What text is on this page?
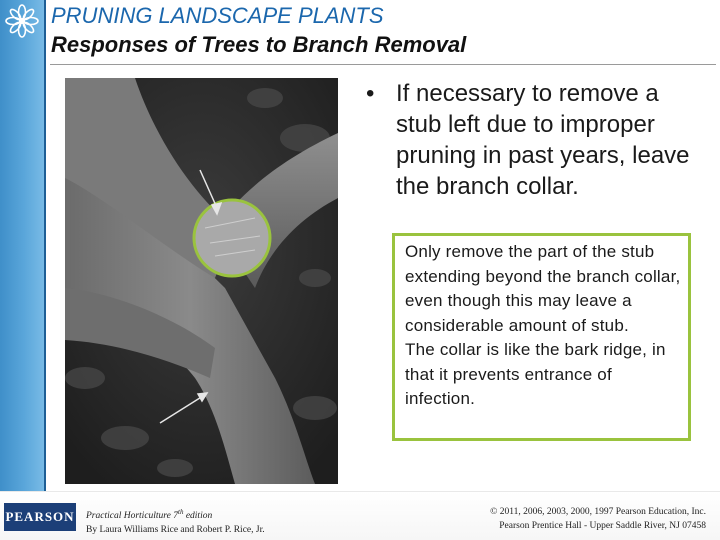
PRUNING LANDSCAPE PLANTS
Responses of Trees to Branch Removal
• If necessary to remove a stub left due to improper pruning in past years, leave the branch collar.

Only remove the part of the stub extending beyond the branch collar, even though this may leave a considerable amount of stub.

The collar is like the bark ridge, in that it prevents entrance of infection.

PEARSON Practical Horticulture 7th edition
By Laura Williams Rice and Robert P. Rice, Jr.
© 2011, 2006, 2003, 2000, 1997 Pearson Education, Inc.
Pearson Prentice Hall - Upper Saddle River, NJ 07458
